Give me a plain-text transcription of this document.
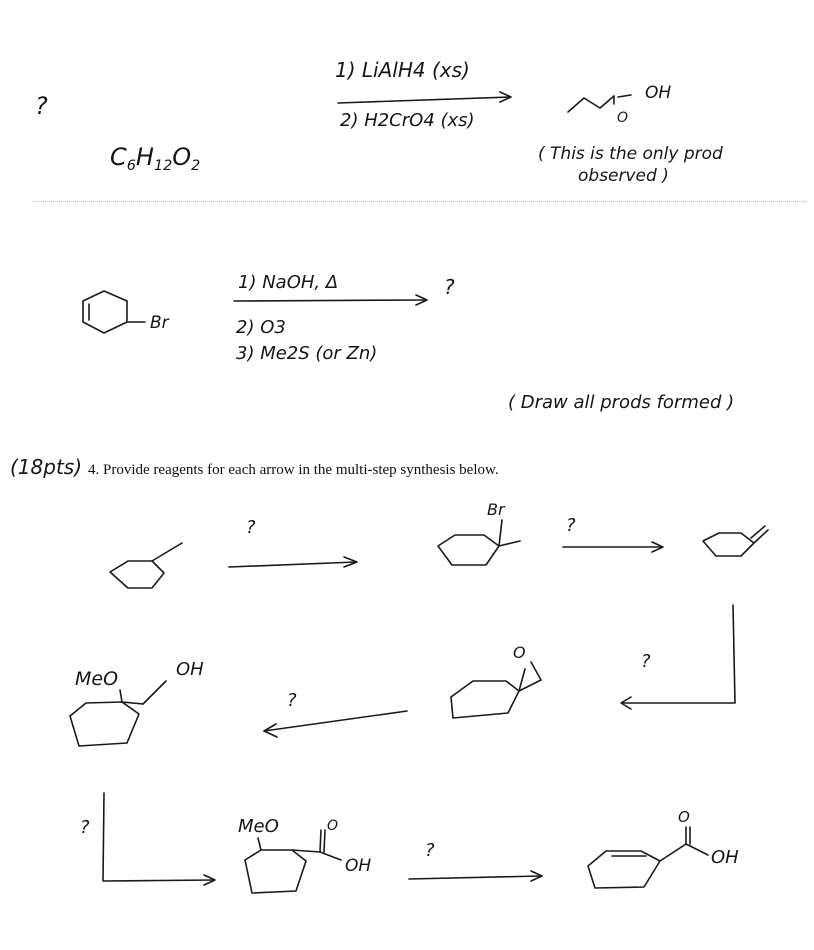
?
$C_6H_{12}O_2$
1) LiAlH4 (xs)
2) H2CrO4 (xs)
OH
O
( This is the only prod
observed )
Br
1) NaOH, Δ
2) O3
3) Me2S (or Zn)
?
( Draw all prods formed )
(18pts) 4. Provide reagents for each arrow in the multi-step synthesis below.
Br
O
MeO	OH
MeO	O
OH
O
OH
?	?
?
?
?
?
